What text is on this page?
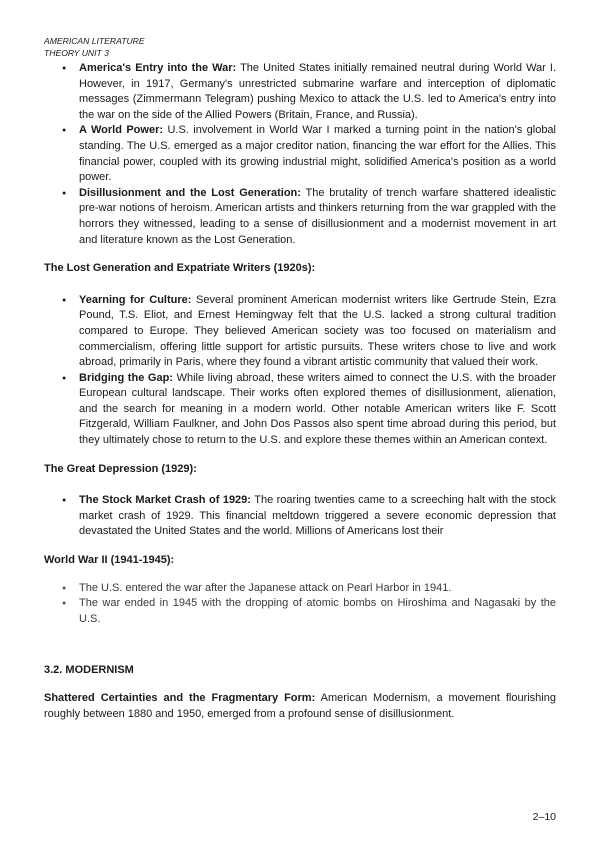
AMERICAN LITERATURE
THEORY UNIT 3
● America's Entry into the War: The United States initially remained neutral during World War I. However, in 1917, Germany's unrestricted submarine warfare and interception of diplomatic messages (Zimmermann Telegram) pushing Mexico to attack the U.S. led to America's entry into the war on the side of the Allied Powers (Britain, France, and Russia).
● A World Power: U.S. involvement in World War I marked a turning point in the nation's global standing. The U.S. emerged as a major creditor nation, financing the war effort for the Allies. This financial power, coupled with its growing industrial might, solidified America's position as a world power.
● Disillusionment and the Lost Generation: The brutality of trench warfare shattered idealistic pre-war notions of heroism. American artists and thinkers returning from the war grappled with the horrors they witnessed, leading to a sense of disillusionment and a modernist movement in art and literature known as the Lost Generation.

The Lost Generation and Expatriate Writers (1920s):

● Yearning for Culture: Several prominent American modernist writers like Gertrude Stein, Ezra Pound, T.S. Eliot, and Ernest Hemingway felt that the U.S. lacked a strong cultural tradition compared to Europe. They believed American society was too focused on materialism and commercialism, offering little support for artistic pursuits. These writers chose to live and work abroad, primarily in Paris, where they found a vibrant artistic community that valued their work.
● Bridging the Gap: While living abroad, these writers aimed to connect the U.S. with the broader European cultural landscape. Their works often explored themes of disillusionment, alienation, and the search for meaning in a modern world. Other notable American writers like F. Scott Fitzgerald, William Faulkner, and John Dos Passos also spent time abroad during this period, but they ultimately chose to return to the U.S. and explore these themes within an American context.

The Great Depression (1929):

● The Stock Market Crash of 1929: The roaring twenties came to a screeching halt with the stock market crash of 1929. This financial meltdown triggered a severe economic depression that devastated the United States and the world. Millions of Americans lost their

World War II (1941-1945):

● The U.S. entered the war after the Japanese attack on Pearl Harbor in 1941.
● The war ended in 1945 with the dropping of atomic bombs on Hiroshima and Nagasaki by the U.S.

3.2. MODERNISM

Shattered Certainties and the Fragmentary Form: American Modernism, a movement flourishing roughly between 1880 and 1950, emerged from a profound sense of disillusionment.

2–10
